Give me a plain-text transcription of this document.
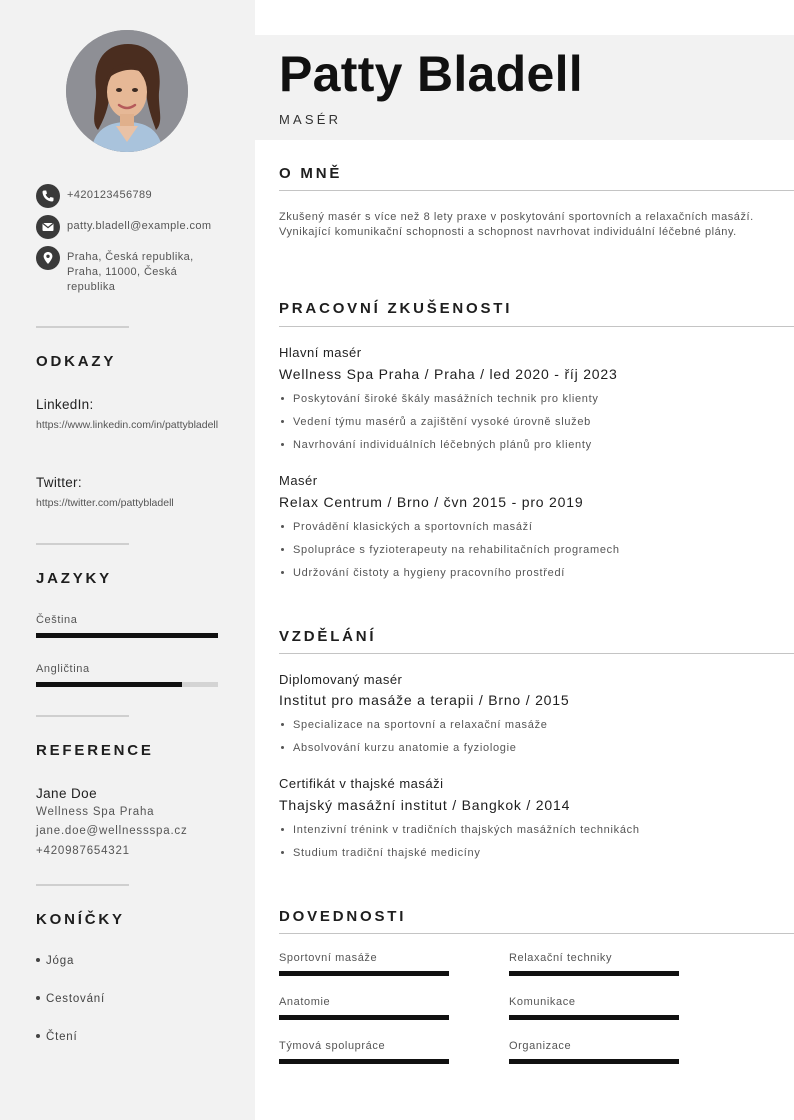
+420123456789
patty.bladell@example.com
Praha, Česká republika, Praha, 11000, Česká republika
ODKAZY
LinkedIn:
https://www.linkedin.com/in/pattybladell
Twitter:
https://twitter.com/pattybladell
JAZYKY
Čeština
Angličtina
REFERENCE
Jane Doe
Wellness Spa Praha
jane.doe@wellnessspa.cz
+420987654321
KONÍČKY
Jóga
Cestování
Čtení
Patty Bladell
MASÉR
O MNĚ
Zkušený masér s více než 8 lety praxe v poskytování sportovních a relaxačních masáží. Vynikající komunikační schopnosti a schopnost navrhovat individuální léčebné plány.
PRACOVNÍ ZKUŠENOSTI
Hlavní masér
Wellness Spa Praha / Praha / led 2020 - říj 2023
Poskytování široké škály masážních technik pro klienty
Vedení týmu masérů a zajištění vysoké úrovně služeb
Navrhování individuálních léčebných plánů pro klienty
Masér
Relax Centrum / Brno / čvn 2015 - pro 2019
Provádění klasických a sportovních masáží
Spolupráce s fyzioterapeuty na rehabilitačních programech
Udržování čistoty a hygieny pracovního prostředí
VZDĚLÁNÍ
Diplomovaný masér
Institut pro masáže a terapii / Brno / 2015
Specializace na sportovní a relaxační masáže
Absolvování kurzu anatomie a fyziologie
Certifikát v thajské masáži
Thajský masážní institut / Bangkok / 2014
Intenzivní trénink v tradičních thajských masážních technikách
Studium tradiční thajské medicíny
DOVEDNOSTI
Sportovní masáže	Relaxační techniky
Anatomie	Komunikace
Týmová spolupráce	Organizace
